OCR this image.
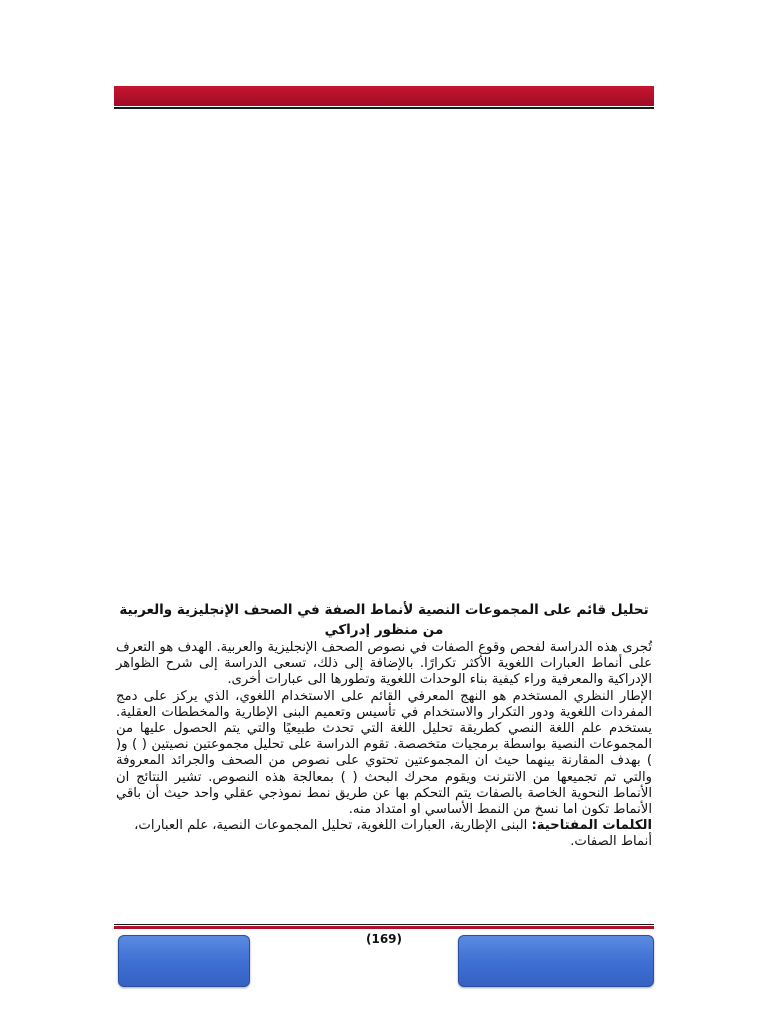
تحليل قائم على المجموعات النصية لأنماط الصفة في الصحف الإنجليزية والعربية من منظور إدراكي

تُجرى هذه الدراسة لفحص وقوع الصفات في نصوص الصحف الإنجليزية والعربية. الهدف هو التعرف على أنماط العبارات اللغوية الأكثر تكرارًا. بالإضافة إلى ذلك، تسعى الدراسة إلى شرح الظواهر الإدراكية والمعرفية وراء كيفية بناء الوحدات اللغوية وتطورها الى عبارات أخرى.

الإطار النظري المستخدم هو النهج المعرفي القائم على الاستخدام اللغوي، الذي يركز على دمج المفردات اللغوية ودور التكرار والاستخدام في تأسيس وتعميم البنى الإطارية والمخططات العقلية. يستخدم علم اللغة النصي كطريقة تحليل اللغة التي تحدث طبيعيًا والتي يتم الحصول عليها من المجموعات النصية بواسطة برمجيات متخصصة. تقوم الدراسة على تحليل مجموعتين نصيتين ( ) و( ) بهدف المقارنة بينهما حيث ان المجموعتين تحتوي على نصوص من الصحف والجرائد المعروفة والتي تم تجميعها من الانترنت ويقوم محرك البحث ( ) بمعالجة هذه النصوص. تشير النتائج ان الأنماط النحوية الخاصة بالصفات يتم التحكم بها عن طريق نمط نموذجي عقلي واحد حيث أن باقي الأنماط تكون اما نسخ من النمط الأساسي او امتداد منه.

الكلمات المفتاحية: البنى الإطارية، العبارات اللغوية، تحليل المجموعات النصية، علم العبارات، أنماط الصفات.

(169)
